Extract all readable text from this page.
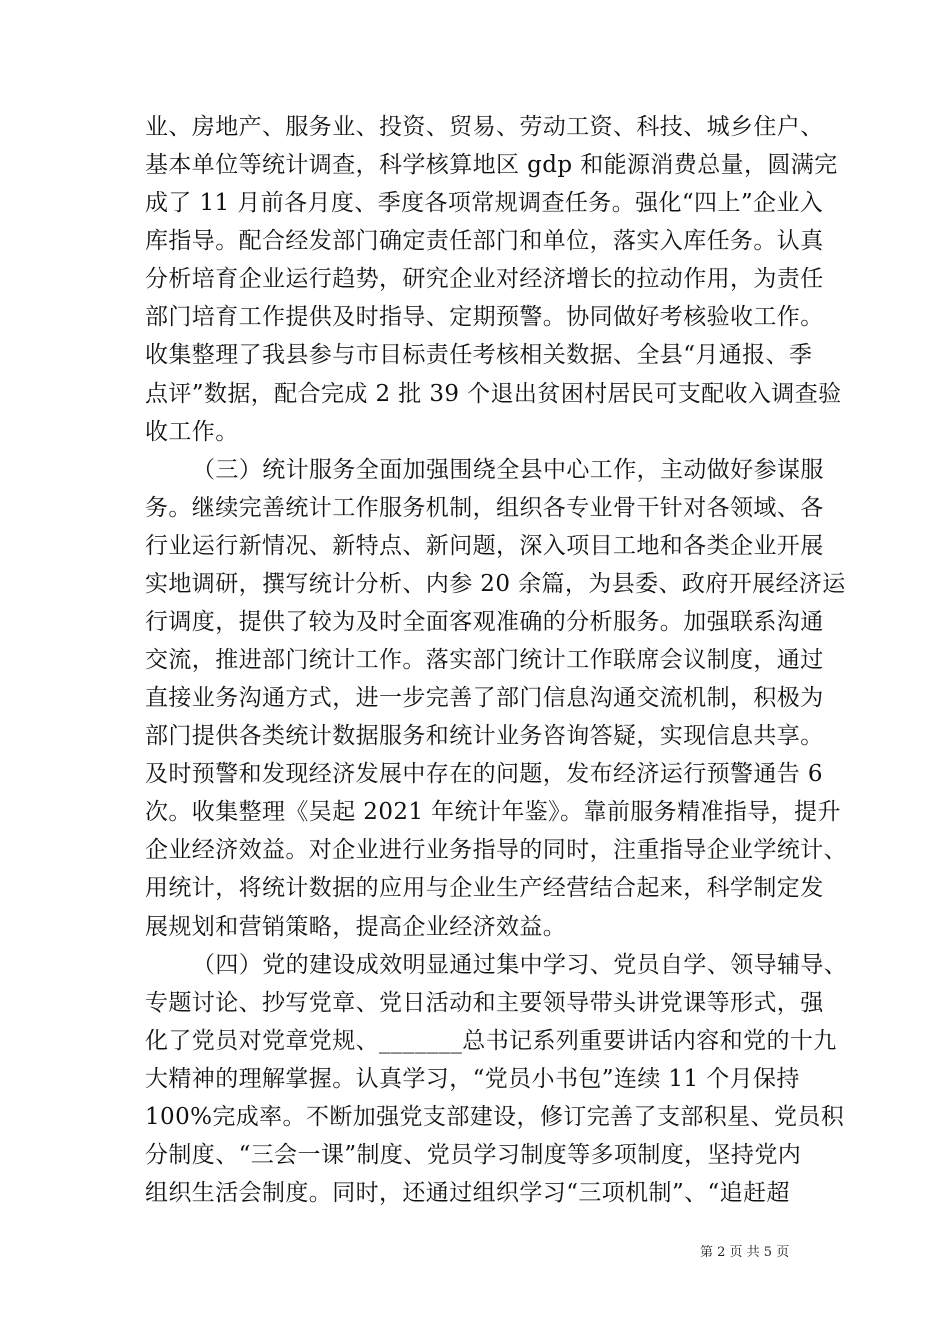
业、房地产、服务业、投资、贸易、劳动工资、科技、城乡住户、
基本单位等统计调查，科学核算地区 gdp 和能源消费总量，圆满完
成了 11 月前各月度、季度各项常规调查任务。强化“四上”企业入
库指导。配合经发部门确定责任部门和单位，落实入库任务。认真
分析培育企业运行趋势，研究企业对经济增长的拉动作用，为责任
部门培育工作提供及时指导、定期预警。协同做好考核验收工作。
收集整理了我县参与市目标责任考核相关数据、全县“月通报、季
点评”数据，配合完成 2 批 39 个退出贫困村居民可支配收入调查验
收工作。
（三）统计服务全面加强围绕全县中心工作，主动做好参谋服
务。继续完善统计工作服务机制，组织各专业骨干针对各领域、各
行业运行新情况、新特点、新问题，深入项目工地和各类企业开展
实地调研，撰写统计分析、内参 20 余篇，为县委、政府开展经济运
行调度，提供了较为及时全面客观准确的分析服务。加强联系沟通
交流，推进部门统计工作。落实部门统计工作联席会议制度，通过
直接业务沟通方式，进一步完善了部门信息沟通交流机制，积极为
部门提供各类统计数据服务和统计业务咨询答疑，实现信息共享。
及时预警和发现经济发展中存在的问题，发布经济运行预警通告 6
次。收集整理《吴起 2021 年统计年鉴》。靠前服务精准指导，提升
企业经济效益。对企业进行业务指导的同时，注重指导企业学统计、
用统计，将统计数据的应用与企业生产经营结合起来，科学制定发
展规划和营销策略，提高企业经济效益。
（四）党的建设成效明显通过集中学习、党员自学、领导辅导、
专题讨论、抄写党章、党日活动和主要领导带头讲党课等形式，强
化了党员对党章党规、_______总书记系列重要讲话内容和党的十九
大精神的理解掌握。认真学习，“党员小书包”连续 11 个月保持
100%完成率。不断加强党支部建设，修订完善了支部积星、党员积
分制度、“三会一课”制度、党员学习制度等多项制度，坚持党内
组织生活会制度。同时，还通过组织学习“三项机制”、“追赶超
第 2 页 共 5 页
